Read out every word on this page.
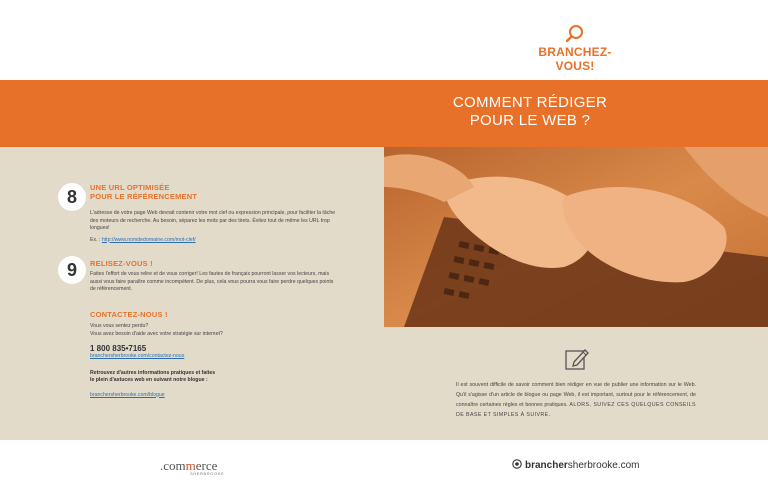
BRANCHEZ-VOUS!
COMMENT RÉDIGER
POUR LE WEB ?
8	UNE URL OPTIMISÉE
POUR LE RÉFÉRENCEMENT
L'adresse de votre page Web devrait contenir votre mot clef ou expression principale, pour faciliter la tâche des moteurs de recherche. Au besoin, séparez les mots par des tirets. Évitez tout de même les URL trop longues!
Ex. : http://www.nomdedomaine.com/mot-clef/
9	RELISEZ-VOUS !
Faites l'effort de vous relire et de vous corriger! Les fautes de français pourront lasser vos lecteurs, mais aussi vous faire paraître comme incompétent. De plus, cela vous pourra vous faire perdre quelques points de référencement.
CONTACTEZ-NOUS !
Vous vous sentez perdu?
Vous avez besoin d'aide avec votre stratégie sur internet?
1 800 835•7165
branchersherbrooke.com/contactez-nous
Retrouvez d'autres informations pratiques et faites
le plein d'astuces web en suivant notre blogue :
branchersherbrooke.com/blogue
Il est souvent difficile de savoir comment bien rédiger en vue de publier une information sur le Web. Qu'il s'agisse d'un article de blogue ou page Web, il est important, surtout pour le référencement, de connaître certaines règles et bonnes pratiques. ALORS, SUIVEZ CES QUELQUES CONSEILS DE BASE ET SIMPLES À SUIVRE.
.commerce
SHERBROOKE
branchersherbrooke.com
